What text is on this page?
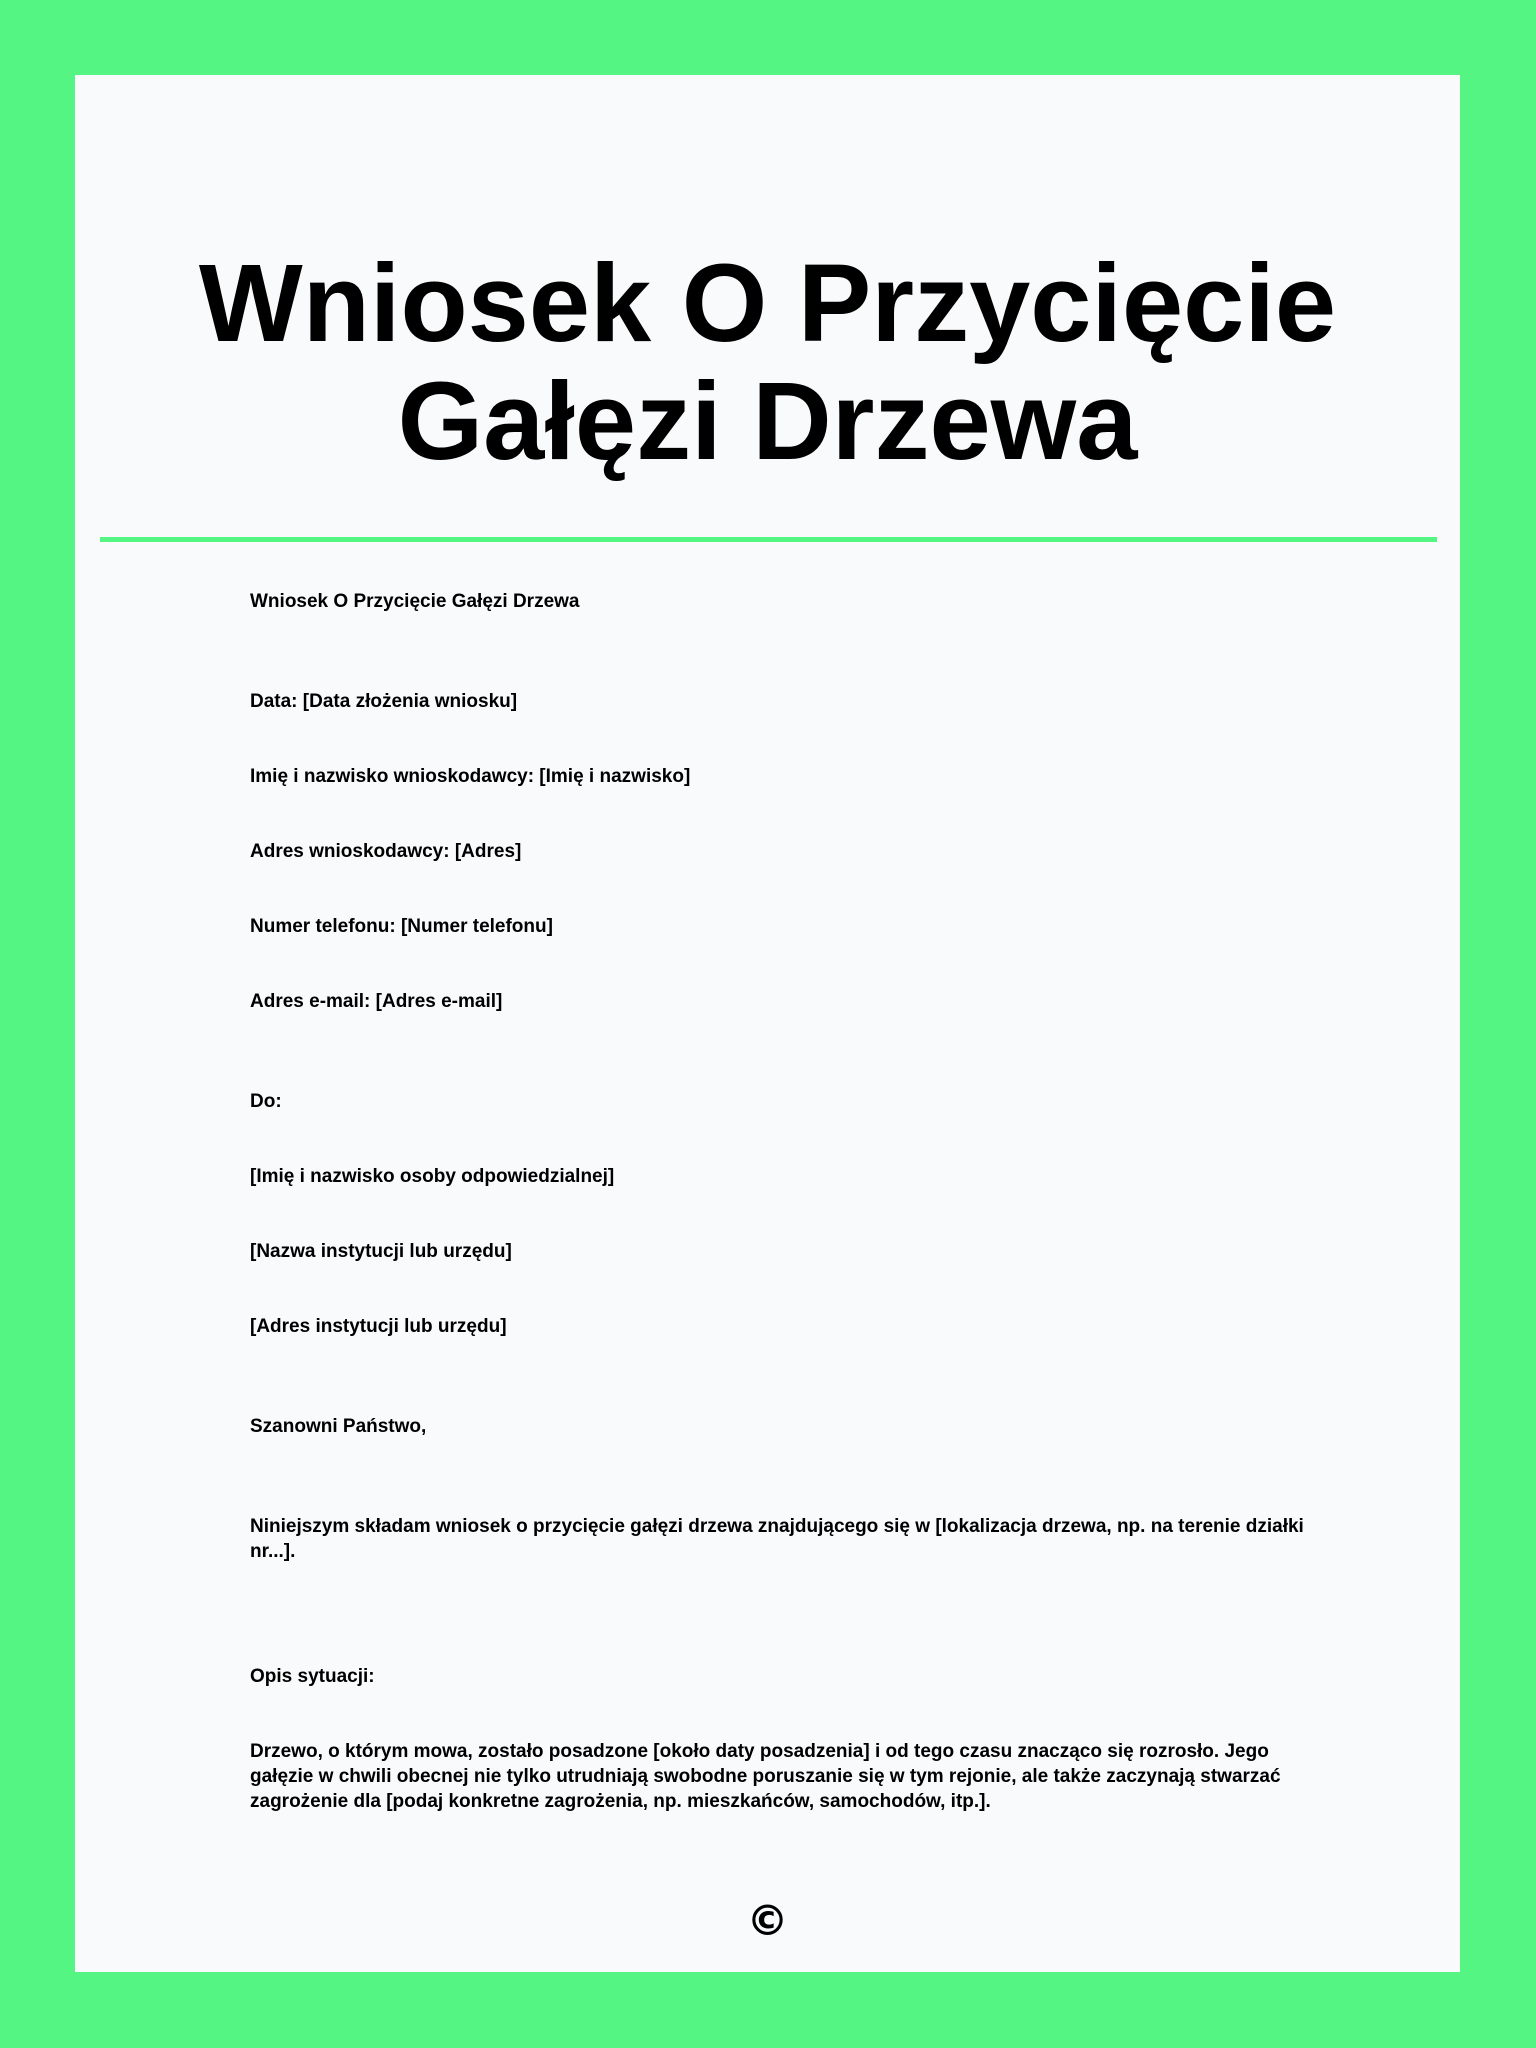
Wniosek O Przycięcie Gałęzi Drzewa

Wniosek O Przycięcie Gałęzi Drzewa

Data: [Data złożenia wniosku]

Imię i nazwisko wnioskodawcy: [Imię i nazwisko]

Adres wnioskodawcy: [Adres]

Numer telefonu: [Numer telefonu]

Adres e-mail: [Adres e-mail]

Do:

[Imię i nazwisko osoby odpowiedzialnej]

[Nazwa instytucji lub urzędu]

[Adres instytucji lub urzędu]

Szanowni Państwo,

Niniejszym składam wniosek o przycięcie gałęzi drzewa znajdującego się w [lokalizacja drzewa, np. na terenie działki nr...].

Opis sytuacji:

Drzewo, o którym mowa, zostało posadzone [około daty posadzenia] i od tego czasu znacząco się rozrosło. Jego gałęzie w chwili obecnej nie tylko utrudniają swobodne poruszanie się w tym rejonie, ale także zaczynają stwarzać zagrożenie dla [podaj konkretne zagrożenia, np. mieszkańców, samochodów, itp.].

©
